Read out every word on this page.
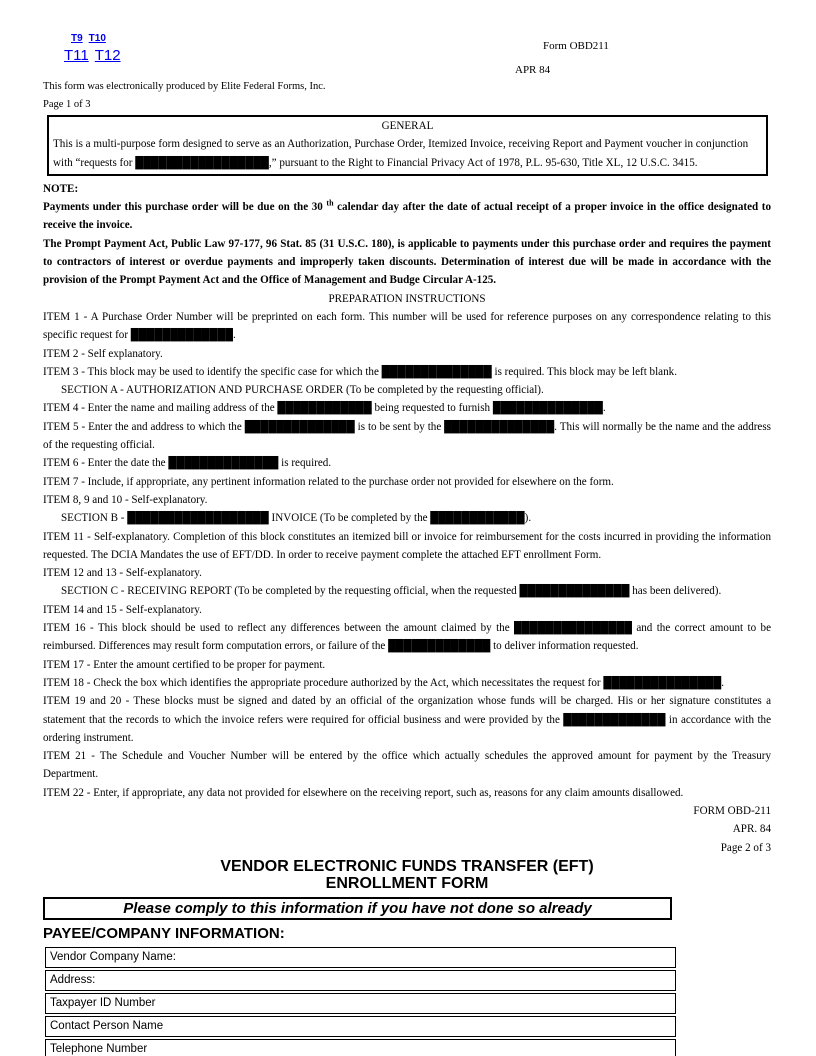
T9 T10
T11 T12
Form OBD211
APR 84
This form was electronically produced by Elite Federal Forms, Inc.
Page 1 of 3
GENERAL
This is a multi-purpose form designed to serve as an Authorization, Purchase Order, Itemized Invoice, receiving Report and Payment voucher in conjunction with “requests for █████████████████,” pursuant to the Right to Financial Privacy Act of 1978, P.L. 95-630, Title XL, 12 U.S.C. 3415.
NOTE:
Payments under this purchase order will be due on the 30 $^{th}$ calendar day after the date of actual receipt of a proper invoice in the office designated to receive the invoice.
The Prompt Payment Act, Public Law 97-177, 96 Stat. 85 (31 U.S.C. 180), is applicable to payments under this purchase order and requires the payment to contractors of interest or overdue payments and improperly taken discounts. Determination of interest due will be made in accordance with the provision of the Prompt Payment Act and the Office of Management and Budge Circular A-125.
PREPARATION INSTRUCTIONS
ITEM 1 - A Purchase Order Number will be preprinted on each form. This number will be used for reference purposes on any correspondence relating to this specific request for █████████████.
ITEM 2 - Self explanatory.
ITEM 3 - This block may be used to identify the specific case for which the ██████████████ is required. This block may be left blank.
SECTION A - AUTHORIZATION AND PURCHASE ORDER (To be completed by the requesting official).
ITEM 4 - Enter the name and mailing address of the ████████████ being requested to furnish ██████████████.
ITEM 5 - Enter the and address to which the ██████████████ is to be sent by the ██████████████. This will normally be the name and the address of the requesting official.
ITEM 6 - Enter the date the ██████████████ is required.
ITEM 7 - Include, if appropriate, any pertinent information related to the purchase order not provided for elsewhere on the form.
ITEM 8, 9 and 10 - Self-explanatory.
SECTION B - ██████████████████ INVOICE (To be completed by the ████████████).
ITEM 11 - Self-explanatory. Completion of this block constitutes an itemized bill or invoice for reimbursement for the costs incurred in providing the information requested. The DCIA Mandates the use of EFT/DD. In order to receive payment complete the attached EFT enrollment Form.
ITEM 12 and 13 - Self-explanatory.
SECTION C - RECEIVING REPORT (To be completed by the requesting official, when the requested ██████████████ has been delivered).
ITEM 14 and 15 - Self-explanatory.
ITEM 16 - This block should be used to reflect any differences between the amount claimed by the ███████████████ and the correct amount to be reimbursed. Differences may result form computation errors, or failure of the █████████████ to deliver information requested.
ITEM 17 - Enter the amount certified to be proper for payment.
ITEM 18 - Check the box which identifies the appropriate procedure authorized by the Act, which necessitates the request for ███████████████.
ITEM 19 and 20 - These blocks must be signed and dated by an official of the organization whose funds will be charged. His or her signature constitutes a statement that the records to which the invoice refers were required for official business and were provided by the █████████████ in accordance with the ordering instrument.
ITEM 21 - The Schedule and Voucher Number will be entered by the office which actually schedules the approved amount for payment by the Treasury Department.
ITEM 22 - Enter, if appropriate, any data not provided for elsewhere on the receiving report, such as, reasons for any claim amounts disallowed.
FORM OBD-211
APR. 84
Page 2 of 3
VENDOR ELECTRONIC FUNDS TRANSFER (EFT)
ENROLLMENT FORM
Please comply to this information if you have not done so already
PAYEE/COMPANY INFORMATION:
Vendor Company Name:
Address:
Taxpayer ID Number
Contact Person Name
Telephone Number
